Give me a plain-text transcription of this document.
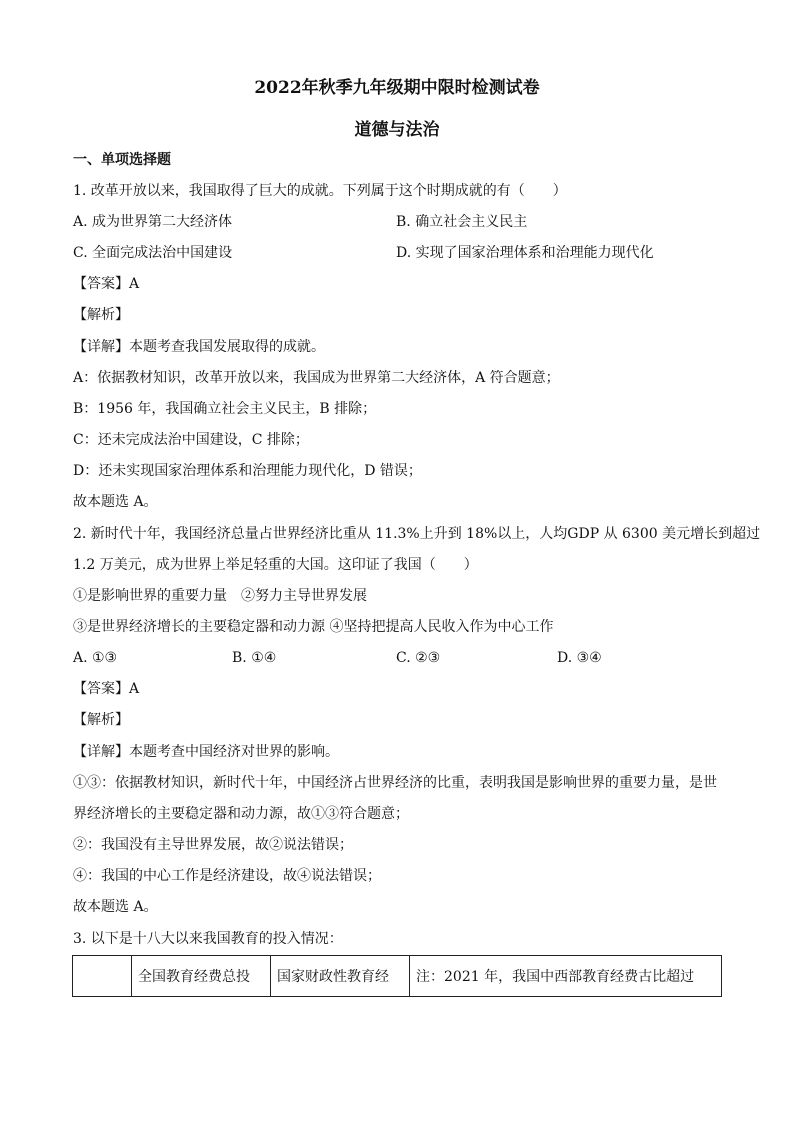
2022年秋季九年级期中限时检测试卷
道德与法治
一、单项选择题
1. 改革开放以来，我国取得了巨大的成就。下列属于这个时期成就的有（　　）
A. 成为世界第二大经济体	B. 确立社会主义民主
C. 全面完成法治中国建设	D. 实现了国家治理体系和治理能力现代化
【答案】A
【解析】
【详解】本题考查我国发展取得的成就。
A：依据教材知识，改革开放以来，我国成为世界第二大经济体，A 符合题意；
B：1956 年，我国确立社会主义民主，B 排除；
C：还未完成法治中国建设，C 排除；
D：还未实现国家治理体系和治理能力现代化，D 错误；
故本题选 A。
2. 新时代十年，我国经济总量占世界经济比重从 11.3%上升到 18%以上，人均GDP 从 6300 美元增长到超过
1.2 万美元，成为世界上举足轻重的大国。这印证了我国（　　）
①是影响世界的重要力量　②努力主导世界发展
③是世界经济增长的主要稳定器和动力源 ④坚持把提高人民收入作为中心工作
A. ①③	B. ①④	C. ②③	D. ③④
【答案】A
【解析】
【详解】本题考查中国经济对世界的影响。
①③：依据教材知识，新时代十年，中国经济占世界经济的比重，表明我国是影响世界的重要力量，是世
界经济增长的主要稳定器和动力源，故①③符合题意；
②：我国没有主导世界发展，故②说法错误；
④：我国的中心工作是经济建设，故④说法错误；
故本题选 A。
3. 以下是十八大以来我国教育的投入情况：
	全国教育经费总投	国家财政性教育经	注：2021 年，我国中西部教育经费古比超过
